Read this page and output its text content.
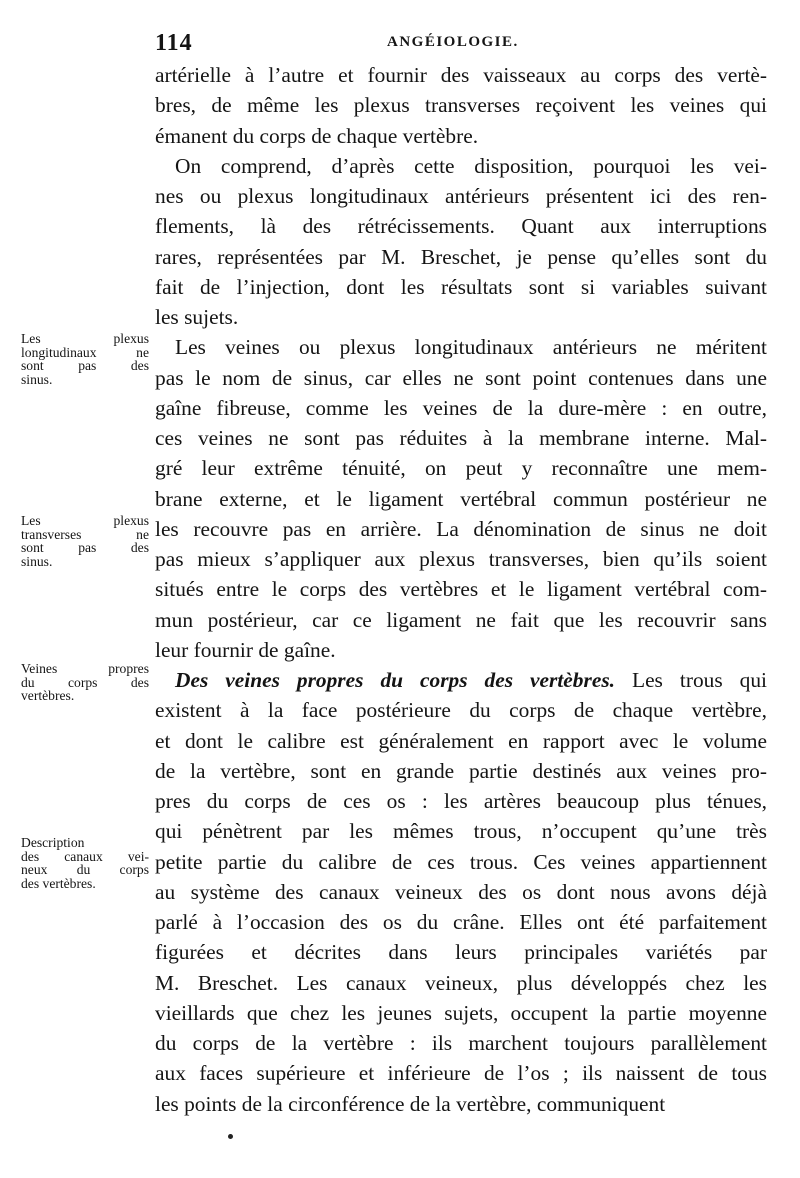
114	ANGÉIOLOGIE.
artérielle à l’autre et fournir des vaisseaux au corps des vertè-
bres, de même les plexus transverses reçoivent les veines qui
émanent du corps de chaque vertèbre.
On comprend, d’après cette disposition, pourquoi les vei-
nes ou plexus longitudinaux antérieurs présentent ici des ren-
flements, là des rétrécissements. Quant aux interruptions
rares, représentées par M. Breschet, je pense qu’elles sont du
fait de l’injection, dont les résultats sont si variables suivant
les sujets.
Les veines ou plexus longitudinaux antérieurs ne méritent
pas le nom de sinus, car elles ne sont point contenues dans une
gaîne fibreuse, comme les veines de la dure-mère : en outre,
ces veines ne sont pas réduites à la membrane interne. Mal-
gré leur extrême ténuité, on peut y reconnaître une mem-
brane externe, et le ligament vertébral commun postérieur ne
les recouvre pas en arrière. La dénomination de sinus ne doit
pas mieux s’appliquer aux plexus transverses, bien qu’ils soient
situés entre le corps des vertèbres et le ligament vertébral com-
mun postérieur, car ce ligament ne fait que les recouvrir sans
leur fournir de gaîne.
Des veines propres du corps des vertèbres. Les trous qui
existent à la face postérieure du corps de chaque vertèbre,
et dont le calibre est généralement en rapport avec le volume
de la vertèbre, sont en grande partie destinés aux veines pro-
pres du corps de ces os : les artères beaucoup plus ténues,
qui pénètrent par les mêmes trous, n’occupent qu’une très
petite partie du calibre de ces trous. Ces veines appartiennent
au système des canaux veineux des os dont nous avons déjà
parlé à l’occasion des os du crâne. Elles ont été parfaitement
figurées et décrites dans leurs principales variétés par
M. Breschet. Les canaux veineux, plus développés chez les
vieillards que chez les jeunes sujets, occupent la partie moyenne
du corps de la vertèbre : ils marchent toujours parallèlement
aux faces supérieure et inférieure de l’os ; ils naissent de tous
les points de la circonférence de la vertèbre, communiquent
Les plexus
longitudinaux ne
sont pas des
sinus.
Les plexus
transverses ne
sont pas des
sinus.
Veines propres
du corps des
vertèbres.
Description
des canaux vei-
neux du corps
des vertèbres.
